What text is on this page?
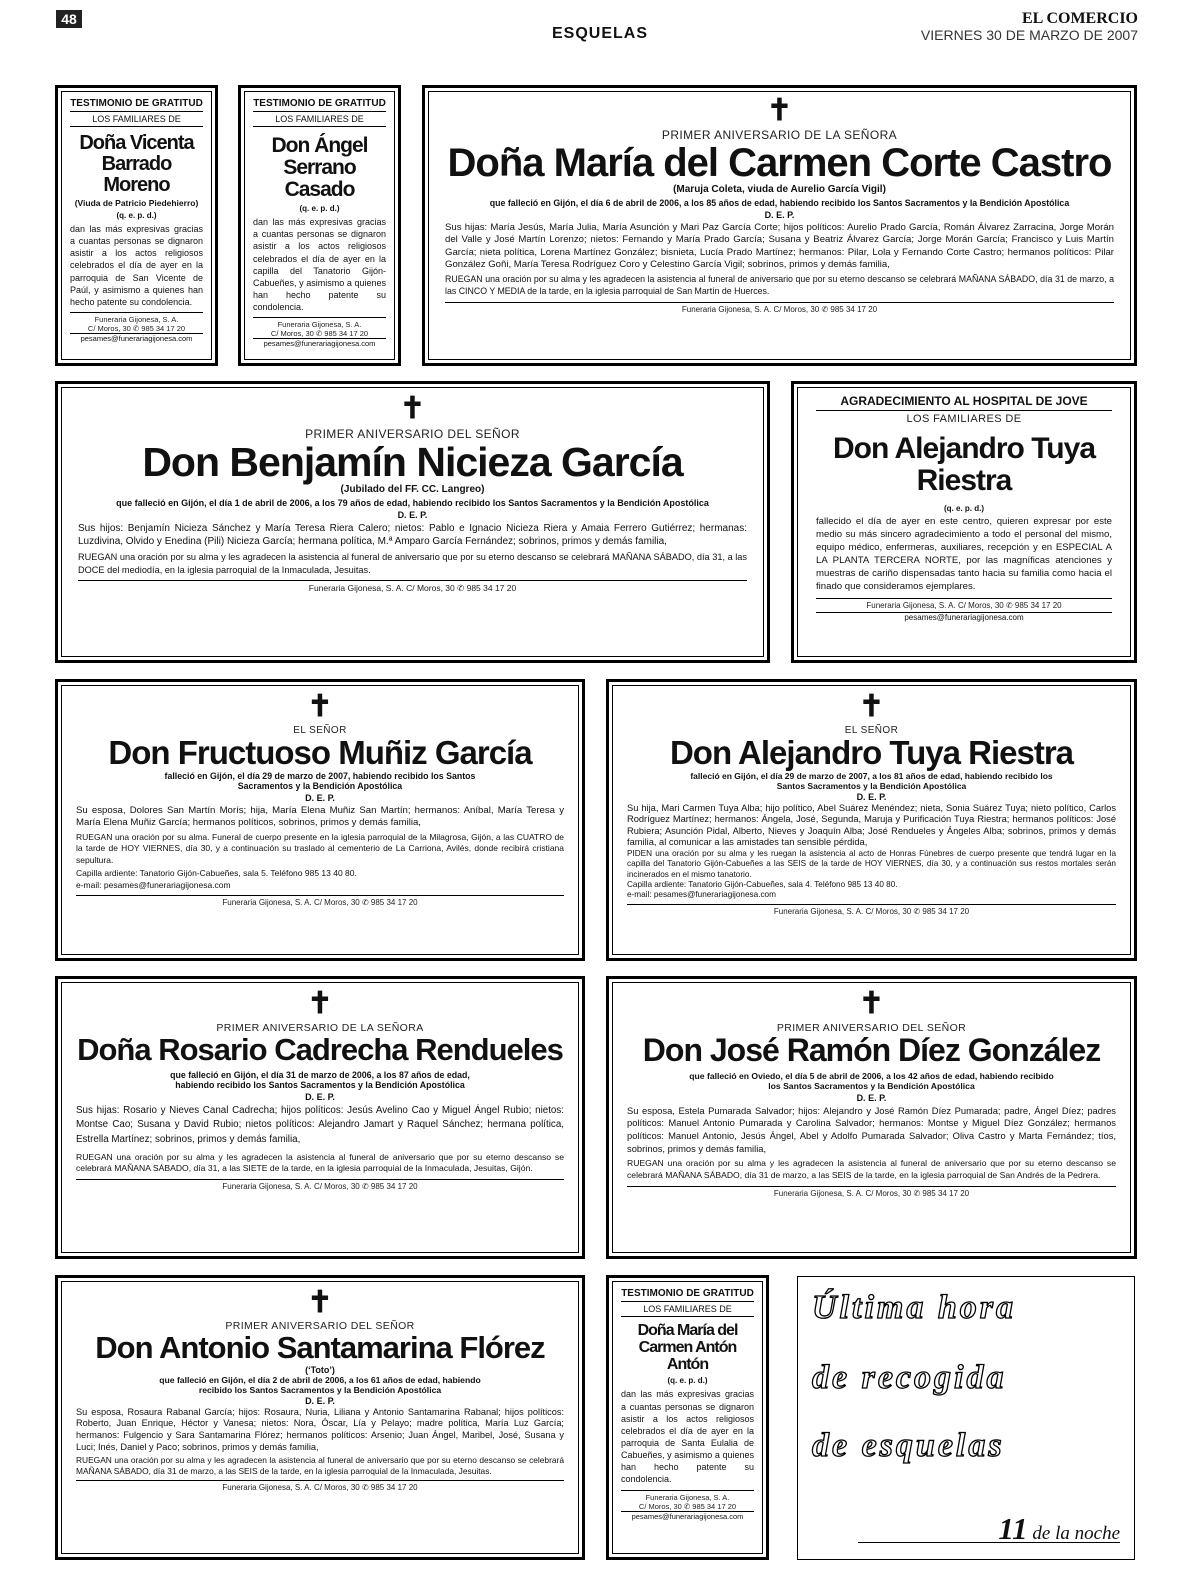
48
ESQUELAS
EL COMERCIO
VIERNES 30 DE MARZO DE 2007
TESTIMONIO DE GRATITUD
LOS FAMILIARES DE
Doña Vicenta Barrado Moreno
(Viuda de Patricio Piedehierro)
(q. e. p. d.)
dan las más expresivas gracias a cuantas personas se dignaron asistir a los actos religiosos celebrados el día de ayer en la parroquia de San Vicente de Paúl, y asimismo a quienes han hecho patente su condolencia.
Funeraria Gijonesa, S. A.
C/ Moros, 30 ✆ 985 34 17 20
pesames@funerariagijonesa.com
TESTIMONIO DE GRATITUD
LOS FAMILIARES DE
Don Ángel Serrano Casado
(q. e. p. d.)
dan las más expresivas gracias a cuantas personas se dignaron asistir a los actos religiosos celebrados el día de ayer en la capilla del Tanatorio Gijón-Cabueñes, y asimismo a quienes han hecho patente su condolencia.
Funeraria Gijonesa, S. A.
C/ Moros, 30 ✆ 985 34 17 20
pesames@funerariagijonesa.com
✝
PRIMER ANIVERSARIO DE LA SEÑORA
Doña María del Carmen Corte Castro
(Maruja Coleta, viuda de Aurelio García Vigil)
que falleció en Gijón, el día 6 de abril de 2006, a los 85 años de edad, habiendo recibido los Santos Sacramentos y la Bendición Apostólica
D. E. P.
Sus hijas: María Jesús, María Julia, María Asunción y Mari Paz García Corte; hijos políticos: Aurelio Prado García, Román Álvarez Zarracina, Jorge Morán del Valle y José Martín Lorenzo; nietos: Fernando y María Prado García; Susana y Beatriz Álvarez García; Jorge Morán García; Francisco y Luis Martín García; nieta política, Lorena Martínez González; bisnieta, Lucía Prado Martínez; hermanos: Pilar, Lola y Fernando Corte Castro; hermanos políticos: Pilar González Goñi, María Teresa Rodríguez Coro y Celestino García Vigil; sobrinos, primos y demás familia,
RUEGAN una oración por su alma y les agradecen la asistencia al funeral de aniversario que por su eterno descanso se celebrará MAÑANA SÁBADO, día 31 de marzo, a las CINCO Y MEDIA de la tarde, en la iglesia parroquial de San Martín de Huerces.
Funeraria Gijonesa, S. A. C/ Moros, 30 ✆ 985 34 17 20
✝
PRIMER ANIVERSARIO DEL SEÑOR
Don Benjamín Nicieza García
(Jubilado del FF. CC. Langreo)
que falleció en Gijón, el día 1 de abril de 2006, a los 79 años de edad, habiendo recibido los Santos Sacramentos y la Bendición Apostólica
D. E. P.
Sus hijos: Benjamín Nicieza Sánchez y María Teresa Riera Calero; nietos: Pablo e Ignacio Nicieza Riera y Amaia Ferrero Gutiérrez; hermanas: Luzdivina, Olvido y Enedina (Pili) Nicieza García; hermana política, M.ª Amparo García Fernández; sobrinos, primos y demás familia,
RUEGAN una oración por su alma y les agradecen la asistencia al funeral de aniversario que por su eterno descanso se celebrará MAÑANA SÁBADO, día 31, a las DOCE del mediodía, en la iglesia parroquial de la Inmaculada, Jesuitas.
Funeraria Gijonesa, S. A. C/ Moros, 30 ✆ 985 34 17 20
AGRADECIMIENTO AL HOSPITAL DE JOVE
LOS FAMILIARES DE
Don Alejandro Tuya Riestra
(q. e. p. d.)
fallecido el día de ayer en este centro, quieren expresar por este medio su más sincero agradecimiento a todo el personal del mismo, equipo médico, enfermeras, auxiliares, recepción y en ESPECIAL A LA PLANTA TERCERA NORTE, por las magníficas atenciones y muestras de cariño dispensadas tanto hacia su familia como hacia el finado que consideramos ejemplares.
Funeraria Gijonesa, S. A. C/ Moros, 30 ✆ 985 34 17 20
pesames@funerariagijonesa.com
✝
EL SEÑOR
Don Fructuoso Muñiz García
falleció en Gijón, el día 29 de marzo de 2007, habiendo recibido los Santos Sacramentos y la Bendición Apostólica
D. E. P.
Su esposa, Dolores San Martín Morís; hija, María Elena Muñiz San Martín; hermanos: Aníbal, María Teresa y María Elena Muñiz García; hermanos políticos, sobrinos, primos y demás familia,
RUEGAN una oración por su alma. Funeral de cuerpo presente en la iglesia parroquial de la Milagrosa, Gijón, a las CUATRO de la tarde de HOY VIERNES, día 30, y a continuación su traslado al cementerio de La Carriona, Avilés, donde recibirá cristiana sepultura.
Capilla ardiente: Tanatorio Gijón-Cabueñes, sala 5. Teléfono 985 13 40 80.
e-mail: pesames@funerariagijonesa.com
Funeraria Gijonesa, S. A. C/ Moros, 30 ✆ 985 34 17 20
✝
EL SEÑOR
Don Alejandro Tuya Riestra
falleció en Gijón, el día 29 de marzo de 2007, a los 81 años de edad, habiendo recibido los Santos Sacramentos y la Bendición Apostólica
D. E. P.
Su hija, Mari Carmen Tuya Alba; hijo político, Abel Suárez Menéndez; nieta, Sonia Suárez Tuya; nieto político, Carlos Rodríguez Martínez; hermanos: Ángela, José, Segunda, Maruja y Purificación Tuya Riestra; hermanos políticos: José Rubiera; Asunción Pidal, Alberto, Nieves y Joaquín Alba; José Rendueles y Ángeles Alba; sobrinos, primos y demás familia, al comunicar a las amistades tan sensible pérdida,
PIDEN una oración por su alma y les ruegan la asistencia al acto de Honras Fúnebres de cuerpo presente que tendrá lugar en la capilla del Tanatorio Gijón-Cabueñes a las SEIS de la tarde de HOY VIERNES, día 30, y a continuación sus restos mortales serán incinerados en el mismo tanatorio.
Capilla ardiente: Tanatorio Gijón-Cabueñes, sala 4. Teléfono 985 13 40 80.
e-mail: pesames@funerariagijonesa.com
Funeraria Gijonesa, S. A. C/ Moros, 30 ✆ 985 34 17 20
✝
PRIMER ANIVERSARIO DE LA SEÑORA
Doña Rosario Cadrecha Rendueles
que falleció en Gijón, el día 31 de marzo de 2006, a los 87 años de edad, habiendo recibido los Santos Sacramentos y la Bendición Apostólica
D. E. P.
Sus hijas: Rosario y Nieves Canal Cadrecha; hijos políticos: Jesús Avelino Cao y Miguel Ángel Rubio; nietos: Montse Cao; Susana y David Rubio; nietos políticos: Alejandro Jamart y Raquel Sánchez; hermana política, Estrella Martínez; sobrinos, primos y demás familia,
RUEGAN una oración por su alma y les agradecen la asistencia al funeral de aniversario que por su eterno descanso se celebrará MAÑANA SÁBADO, día 31, a las SIETE de la tarde, en la iglesia parroquial de la Inmaculada, Jesuitas, Gijón.
Funeraria Gijonesa, S. A. C/ Moros, 30 ✆ 985 34 17 20
✝
PRIMER ANIVERSARIO DEL SEÑOR
Don José Ramón Díez González
que falleció en Oviedo, el día 5 de abril de 2006, a los 42 años de edad, habiendo recibido los Santos Sacramentos y la Bendición Apostólica
D. E. P.
Su esposa, Estela Pumarada Salvador; hijos: Alejandro y José Ramón Díez Pumarada; padre, Ángel Díez; padres políticos: Manuel Antonio Pumarada y Carolina Salvador; hermanos: Montse y Miguel Díez González; hermanos políticos: Manuel Antonio, Jesús Ángel, Abel y Adolfo Pumarada Salvador; Oliva Castro y Marta Fernández; tíos, sobrinos, primos y demás familia,
RUEGAN una oración por su alma y les agradecen la asistencia al funeral de aniversario que por su eterno descanso se celebrará MAÑANA SÁBADO, día 31 de marzo, a las SEIS de la tarde, en la iglesia parroquial de San Andrés de la Pedrera.
Funeraria Gijonesa, S. A. C/ Moros, 30 ✆ 985 34 17 20
✝
PRIMER ANIVERSARIO DEL SEÑOR
Don Antonio Santamarina Flórez
(‘Toto’)
que falleció en Gijón, el día 2 de abril de 2006, a los 61 años de edad, habiendo recibido los Santos Sacramentos y la Bendición Apostólica
D. E. P.
Su esposa, Rosaura Rabanal García; hijos: Rosaura, Nuria, Liliana y Antonio Santamarina Rabanal; hijos políticos: Roberto, Juan Enrique, Héctor y Vanesa; nietos: Nora, Óscar, Lía y Pelayo; madre política, María Luz García; hermanos: Fulgencio y Sara Santamarina Flórez; hermanos políticos: Arsenio; Juan Ángel, Maribel, José, Susana y Luci; Inés, Daniel y Paco; sobrinos, primos y demás familia,
RUEGAN una oración por su alma y les agradecen la asistencia al funeral de aniversario que por su eterno descanso se celebrará MAÑANA SÁBADO, día 31 de marzo, a las SEIS de la tarde, en la iglesia parroquial de la Inmaculada, Jesuitas.
Funeraria Gijonesa, S. A. C/ Moros, 30 ✆ 985 34 17 20
TESTIMONIO DE GRATITUD
LOS FAMILIARES DE
Doña María del Carmen Antón Antón
(q. e. p. d.)
dan las más expresivas gracias a cuantas personas se dignaron asistir a los actos religiosos celebrados el día de ayer en la parroquia de Santa Eulalia de Cabueñes, y asimismo a quienes han hecho patente su condolencia.
Funeraria Gijonesa, S. A.
C/ Moros, 30 ✆ 985 34 17 20
pesames@funerariagijonesa.com
Última hora
de recogida
de esquelas
11 de la noche
